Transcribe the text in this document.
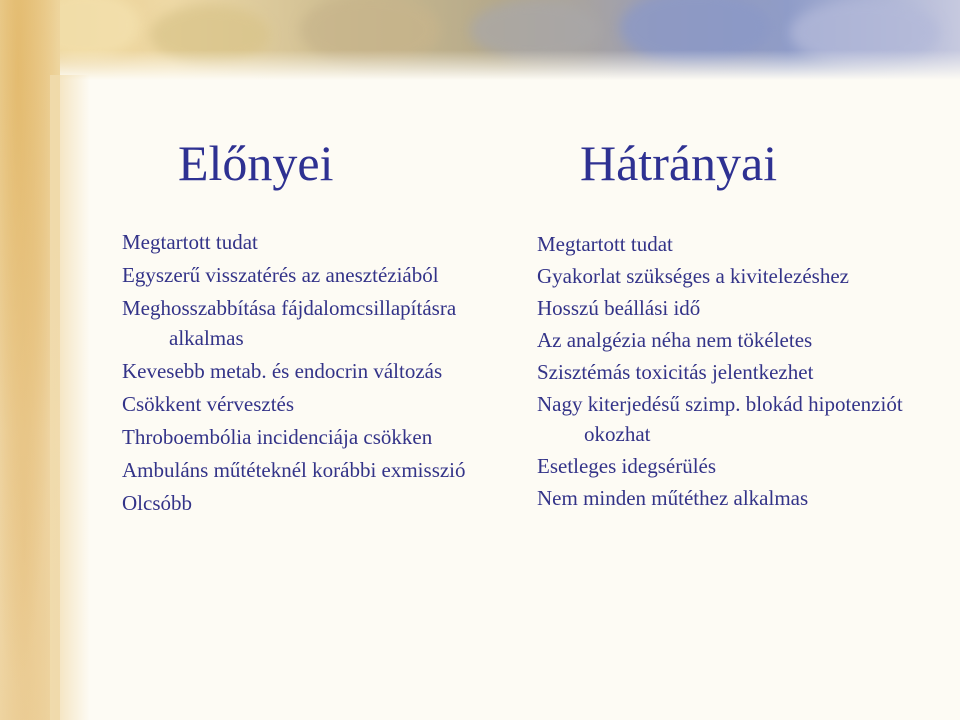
Előnyei	Hátrányai
Megtartott tudat
Egyszerű visszatérés az anesztéziából
Meghosszabbítása fájdalomcsillapításra alkalmas
Kevesebb metab. és endocrin változás
Csökkent vérvesztés
Throboembólia incidenciája csökken
Ambuláns műtéteknél korábbi exmisszió
Olcsóbb
Megtartott tudat
Gyakorlat szükséges a kivitelezéshez
Hosszú beállási idő
Az analgézia néha nem tökéletes
Szisztémás toxicitás jelentkezhet
Nagy kiterjedésű szimp. blokád hipotenziót okozhat
Esetleges idegsérülés
Nem minden műtéthez alkalmas
